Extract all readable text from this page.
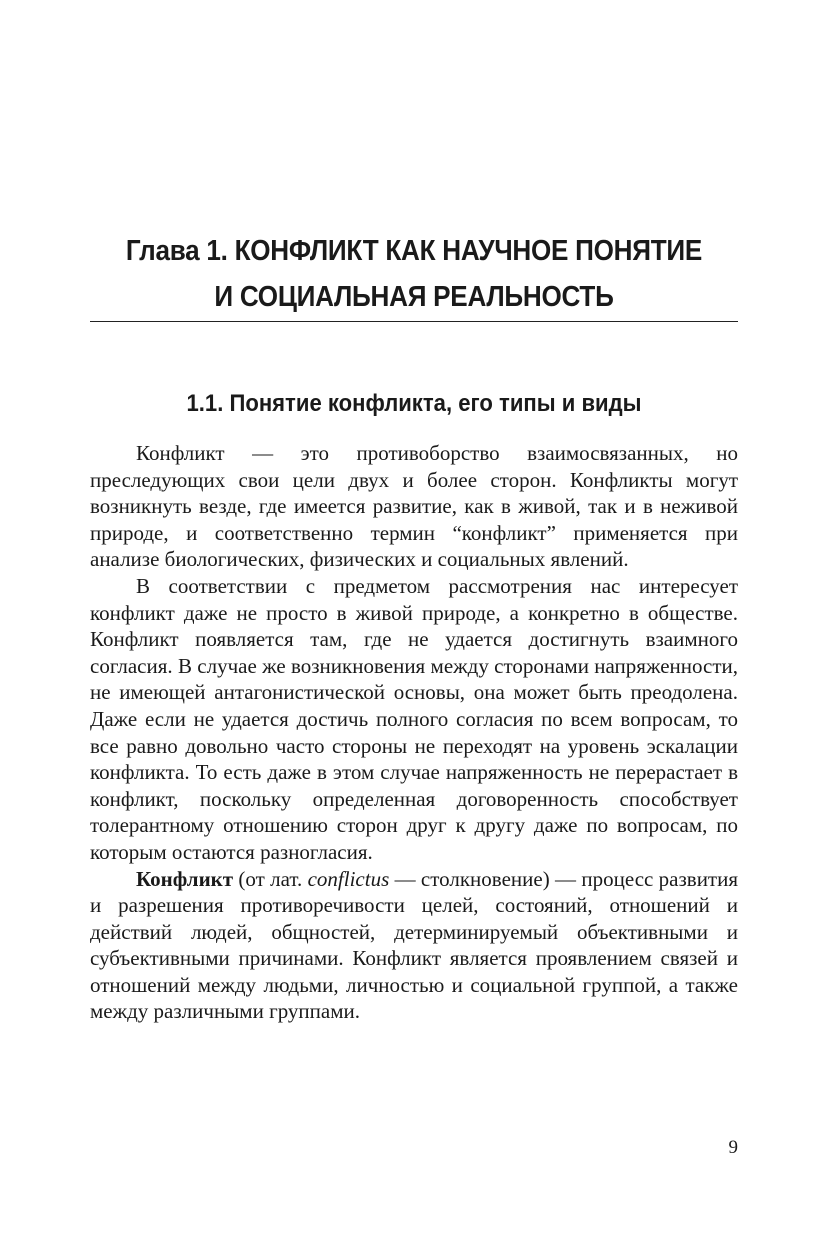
Глава 1. КОНФЛИКТ КАК НАУЧНОЕ ПОНЯТИЕ
И СОЦИАЛЬНАЯ РЕАЛЬНОСТЬ
1.1. Понятие конфликта, его типы и виды

Конфликт — это противоборство взаимосвязанных, но преследующих свои цели двух и более сторон. Конфликты могут возникнуть везде, где имеется развитие, как в живой, так и в неживой природе, и соответственно термин “конфликт” применяется при анализе биологических, физических и социальных явлений.

В соответствии с предметом рассмотрения нас интересует конфликт даже не просто в живой природе, а конкретно в обществе. Конфликт появляется там, где не удается достигнуть взаимного согласия. В случае же возникновения между сторонами напряженности, не имеющей антагонистической основы, она может быть преодолена. Даже если не удается достичь полного согласия по всем вопросам, то все равно довольно часто стороны не переходят на уровень эскалации конфликта. То есть даже в этом случае напряженность не перерастает в конфликт, поскольку определенная договоренность способствует толерантному отношению сторон друг к другу даже по вопросам, по которым остаются разногласия.

Конфликт (от лат. conflictus — столкновение) — процесс развития и разрешения противоречивости целей, состояний, отношений и действий людей, общностей, детерминируемый объективными и субъективными причинами. Конфликт является проявлением связей и отношений между людьми, личностью и социальной группой, а также между различными группами.

9
